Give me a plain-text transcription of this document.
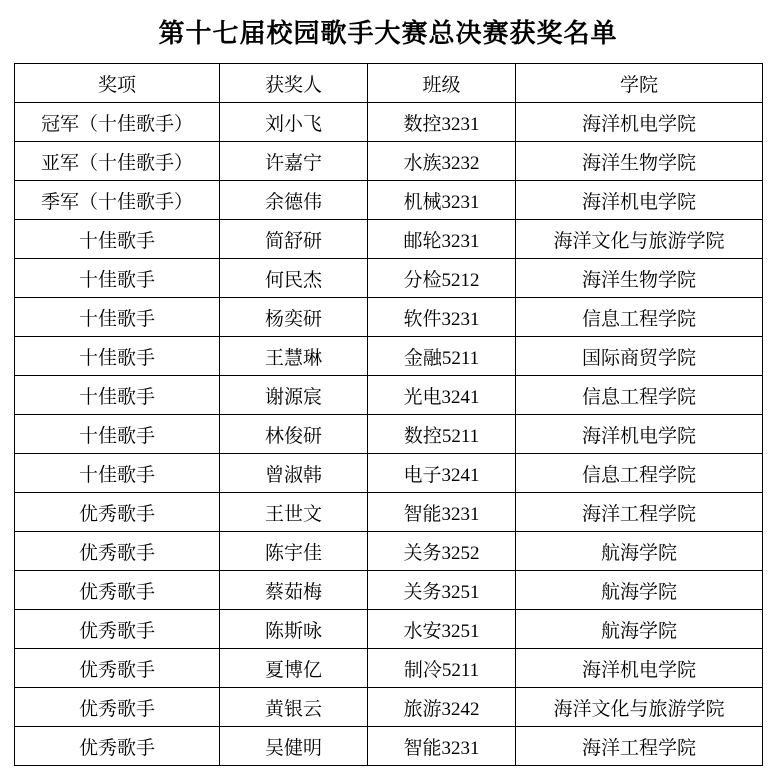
第十七届校园歌手大赛总决赛获奖名单
奖项	获奖人	班级	学院
冠军（十佳歌手）	刘小飞	数控3231	海洋机电学院
亚军（十佳歌手）	许嘉宁	水族3232	海洋生物学院
季军（十佳歌手）	余德伟	机械3231	海洋机电学院
十佳歌手	简舒研	邮轮3231	海洋文化与旅游学院
十佳歌手	何民杰	分检5212	海洋生物学院
十佳歌手	杨奕研	软件3231	信息工程学院
十佳歌手	王慧琳	金融5211	国际商贸学院
十佳歌手	谢源宸	光电3241	信息工程学院
十佳歌手	林俊研	数控5211	海洋机电学院
十佳歌手	曾淑韩	电子3241	信息工程学院
优秀歌手	王世文	智能3231	海洋工程学院
优秀歌手	陈宇佳	关务3252	航海学院
优秀歌手	蔡茹梅	关务3251	航海学院
优秀歌手	陈斯咏	水安3251	航海学院
优秀歌手	夏博亿	制冷5211	海洋机电学院
优秀歌手	黄银云	旅游3242	海洋文化与旅游学院
优秀歌手	吴健明	智能3231	海洋工程学院
